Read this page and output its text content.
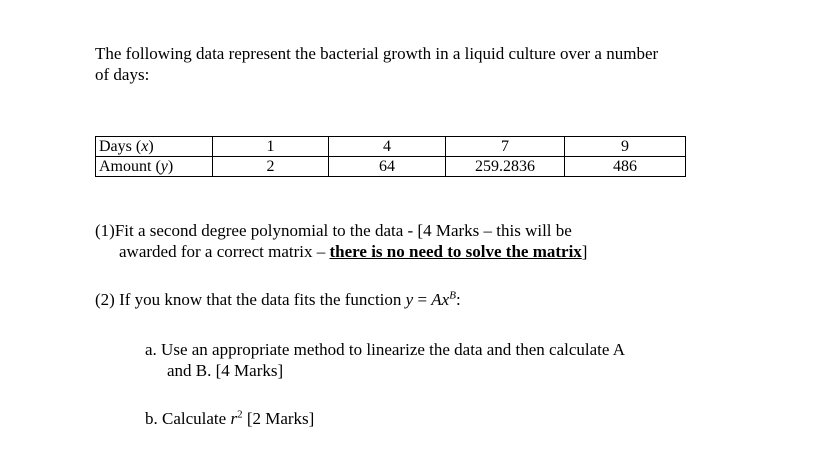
The following data represent the bacterial growth in a liquid culture over a number
of days:
Days (x)	1	4	7	9
Amount (y)	2	64	259.2836	486
(1)Fit a second degree polynomial to the data - [4 Marks – this will be
awarded for a correct matrix – there is no need to solve the matrix]
(2) If you know that the data fits the function $y = Ax^B$:
a. Use an appropriate method to linearize the data and then calculate A
and B. [4 Marks]
b. Calculate $r^2$ [2 Marks]
